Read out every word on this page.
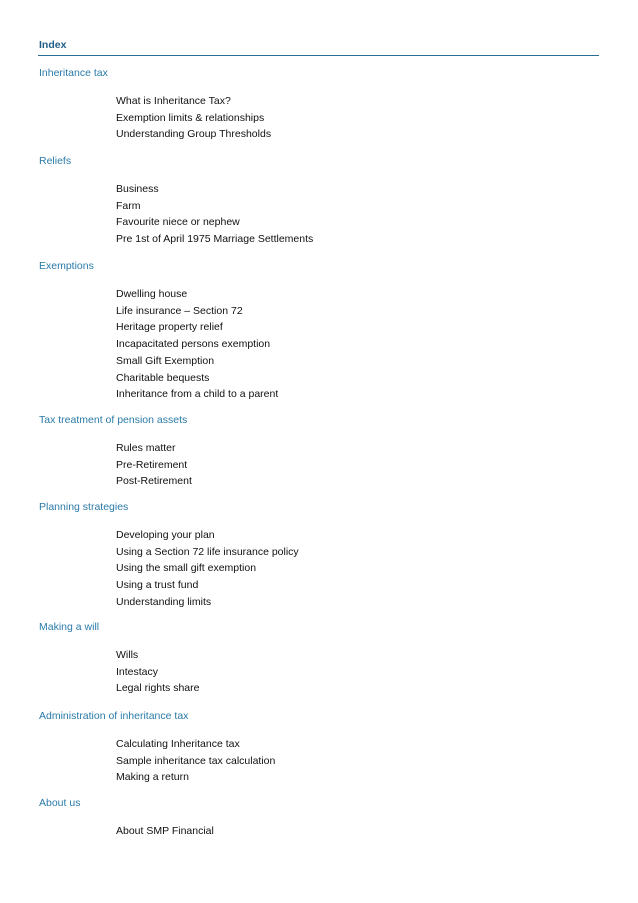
Index
Inheritance tax
What is Inheritance Tax?
Exemption limits & relationships
Understanding Group Thresholds
Reliefs
Business
Farm
Favourite niece or nephew
Pre 1st of April 1975 Marriage Settlements
Exemptions
Dwelling house
Life insurance – Section 72
Heritage property relief
Incapacitated persons exemption
Small Gift Exemption
Charitable bequests
Inheritance from a child to a parent
Tax treatment of pension assets
Rules matter
Pre-Retirement
Post-Retirement
Planning strategies
Developing your plan
Using a Section 72 life insurance policy
Using the small gift exemption
Using a trust fund
Understanding limits
Making a will
Wills
Intestacy
Legal rights share
Administration of inheritance tax
Calculating Inheritance tax
Sample inheritance tax calculation
Making a return
About us
About SMP Financial
